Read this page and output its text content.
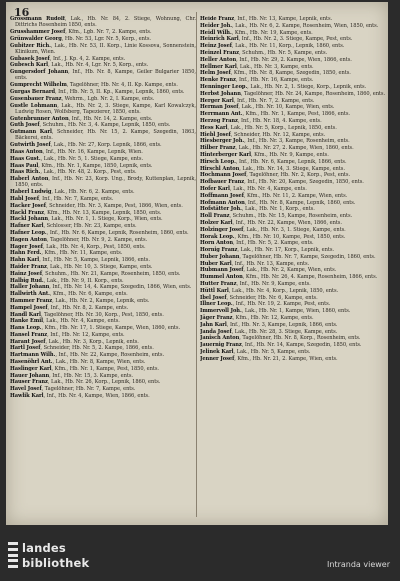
16
Grossmann Rudolf, Lak., Hb. Nr. 84, 2. Stiege, Wohnung, Chr. Dittrichs Rosenheim 1850, ents.
Grusshammer Josef, Kfm., Lgb. Nr. 7, 2. Kampe, ents.
Grünwalder Georg, Hb. Nr. 53, Lgr. Nr. 5, Kerp., ents.
Gubitzer Rich., Lak., Hb. Nr. 53, II. Korp., Linie Kossova, Sonnenstein, Klinikum, Wien.
Gubasek Josef, Inf., J. Kp. 4, 2. Kampe, ents.
Gubesch Karl, Lak., Hb. Nr. 4, Lgr. Nr. 5, Korp., ents.
Gungersdorf Johann, Inf., Hb. Nr. 8, Kampe, Geiler Bulgarier 1850, ents.
Gumprecht Wilhelm, Tagelöhner, Hb. Nr. 4, II. Kp. Kampe, ents.
Gurgas Bernard, Inf., Hb. Nr. 5, II. Kp., Kampe, Lepnik, 1860, ents.
Gusenbauer Franz, Wehrm., Lgb. Nr. 2, I. Kampe, ents.
Gustle Lohmann, Lak., Hb. Nr. 2, 3. Stiege, Kampe, Karl Kowalczyk, Ludwig Rosen, Wolfsberg, Tapezierer, 1850, ents.
Gutenbrunner Anton, Inf., Hb. Nr. 14, 2. Kampe, ents.
Guth Josef, Schuhm., Hb. Nr. 3, 4. Kampe, Lepnik, 1850, ents.
Gutmann Karl, Schneider, Hb. Nr. 15, 2. Kampe, Szegedin, 1863, Bäckerei, ents.
Gutwirth Josef, Lak., Hb. Nr. 27, Korp. Lepnik, 1866, ents.
Haas Anton, Inf., Hb. Nr. 16, Kampe, Lepnik, Wien.
Haas Gust., Lak., Hb. Nr. 5, 1. Stiege, Kampe, ents.
Haas Paul, Kfm., Hb. Nr. 1, Kampe, 1850, Lepnik, ents.
Haas Rich., Lak., Hb. Nr. 48, 2. Korp., Pest, ents.
Haberl Anton, Inf., Hb. Nr. 23, Korp. Ung., Brody, Kuttenplan, Lepnik, 1850, ents.
Haberl Ludwig, Lak., Hb. Nr. 6, 2. Kampe, ents.
Habl Josef, Inf., Hb. Nr. 7, Kampe, ents.
Hacker Josef, Schneider, Hb. Nr. 3, Kampe, Pest, 1866, Wien, ents.
Hackl Franz, Kfm., Hb. Nr. 13, Kampe, Lepnik, 1850, ents.
Hackl Johann, Lak., Hb. Nr. 1, 1. Stiege, Korp., Wien, ents.
Hafner Karl, Schlosser, Hb. Nr. 23, Kampe, ents.
Hafner Leop., Inf., Hb. Nr. 6, Kampe, Lepnik, Rosenheim, 1860, ents.
Hagen Anton, Tagelöhner, Hb. Nr. 9, 2. Kampe, ents.
Hager Josef, Lak., Hb. Nr. 4, Korp., Pest, 1850, ents.
Hahn Ferd., Kfm., Hb. Nr. 11, Kampe, ents.
Hahn Karl, Inf., Hb. Nr. 5, Kampe, Lepnik, 1866, ents.
Haider Franz, Lak., Hb. Nr. 10, 3. Stiege, Kampe, ents.
Hainz Josef, Schuhm., Hb. Nr. 21, Kampe, Rosenheim, 1850, ents.
Halbig Rud., Lak., Hb. Nr. 9, II. Korp., ents.
Haller Johann, Inf., Hb. Nr. 14, 4. Kampe, Szegedin, 1866, Wien, ents.
Hallwirth Ant., Kfm., Hb. Nr. 6, Kampe, ents.
Hammer Franz, Lak., Hb. Nr. 2, Kampe, Lepnik, ents.
Hampel Josef, Inf., Hb. Nr. 8, 2. Kampe, ents.
Handl Karl, Tagelöhner, Hb. Nr. 30, Korp., Pest, 1850, ents.
Hanke Emil, Lak., Hb. Nr. 4, Kampe, ents.
Hans Leop., Kfm., Hb. Nr. 17, 1. Stiege, Kampe, Wien, 1860, ents.
Hansel Franz, Inf., Hb. Nr. 12, Kampe, ents.
Harant Josef, Lak., Hb. Nr. 3, Korp., Lepnik, ents.
Hartl Josef, Schneider, Hb. Nr. 5, 2. Kampe, 1866, ents.
Hartmann Wilh., Inf., Hb. Nr. 22, Kampe, Rosenheim, ents.
Hasenöhrl Ant., Lak., Hb. Nr. 8, Kampe, Wien, ents.
Haslinger Karl, Kfm., Hb. Nr. 1, Kampe, Pest, 1850, ents.
Hauer Johann, Inf., Hb. Nr. 15, 3. Kampe, ents.
Hauser Franz, Lak., Hb. Nr. 26, Korp., Lepnik, 1860, ents.
Havel Josef, Tagelöhner, Hb. Nr. 7, Kampe, ents.
Hawlik Karl, Inf., Hb. Nr. 4, Kampe, Wien, 1866, ents.
Heide Franz, Inf., Hb. Nr. 13, Kampe, Lepnik, ents.
Heider Joh., Lak., Hb. Nr. 6, 2. Kampe, Rosenheim, Wien, 1850, ents.
Heidl Wilh., Kfm., Hb. Nr. 19, Kampe, ents.
Heinrich Karl, Inf., Hb. Nr. 2, 3. Stiege, Kampe, Pest, ents.
Heinz Josef, Lak., Hb. Nr. 11, Korp., Lepnik, 1860, ents.
Heinzel Franz, Schuhm., Hb. Nr. 5, Kampe, ents.
Heller Anton, Inf., Hb. Nr. 29, 2. Kampe, Wien, 1866, ents.
Hellmer Karl, Lak., Hb. Nr. 3, Kampe, ents.
Helm Josef, Kfm., Hb. Nr. 8, Kampe, Szegedin, 1850, ents.
Henke Franz, Inf., Hb. Nr. 16, Kampe, ents.
Henninger Leop., Lak., Hb. Nr. 2, 1. Stiege, Korp., Lepnik, ents.
Herbst Johann, Tagelöhner, Hb. Nr. 24, Kampe, Rosenheim, 1860, ents.
Herger Karl, Inf., Hb. Nr. 7, 2. Kampe, ents.
Herman Josef, Lak., Hb. Nr. 10, Kampe, Wien, ents.
Herrmann Ant., Kfm., Hb. Nr. 1, Kampe, Pest, 1866, ents.
Herzog Franz, Inf., Hb. Nr. 18, 4. Kampe, ents.
Hess Karl, Lak., Hb. Nr. 5, Korp., Lepnik, 1850, ents.
Hiebl Josef, Schneider, Hb. Nr. 12, Kampe, ents.
Hiesberger Joh., Inf., Hb. Nr. 3, Kampe, Rosenheim, ents.
Hilber Franz, Lak., Hb. Nr. 27, 2. Kampe, Wien, 1860, ents.
Hinterberger Karl, Kfm., Hb. Nr. 9, Kampe, ents.
Hirsch Leop., Inf., Hb. Nr. 6, Kampe, Lepnik, 1866, ents.
Hirschl Anton, Lak., Hb. Nr. 14, 3. Stiege, Kampe, ents.
Hochmann Josef, Tagelöhner, Hb. Nr. 2, Korp., Pest, ents.
Hofbauer Franz, Inf., Hb. Nr. 20, Kampe, Szegedin, 1850, ents.
Hofer Karl, Lak., Hb. Nr. 4, Kampe, ents.
Hoffmann Josef, Kfm., Hb. Nr. 11, 2. Kampe, Wien, ents.
Hofmann Anton, Inf., Hb. Nr. 8, Kampe, Lepnik, 1860, ents.
Hofstätter Joh., Lak., Hb. Nr. 1, Korp., ents.
Holl Franz, Schuhm., Hb. Nr. 15, Kampe, Rosenheim, ents.
Holzer Karl, Inf., Hb. Nr. 22, Kampe, Wien, 1866, ents.
Holzinger Josef, Lak., Hb. Nr. 3, 1. Stiege, Kampe, ents.
Horak Leop., Kfm., Hb. Nr. 10, Kampe, Pest, 1850, ents.
Horn Anton, Inf., Hb. Nr. 5, 2. Kampe, ents.
Hornig Franz, Lak., Hb. Nr. 17, Korp., Lepnik, ents.
Huber Johann, Tagelöhner, Hb. Nr. 7, Kampe, Szegedin, 1860, ents.
Huber Karl, Inf., Hb. Nr. 13, Kampe, ents.
Hubmann Josef, Lak., Hb. Nr. 2, Kampe, Wien, ents.
Hummel Anton, Kfm., Hb. Nr. 26, 4. Kampe, Rosenheim, 1866, ents.
Hutter Franz, Inf., Hb. Nr. 9, Kampe, ents.
Hüttl Karl, Lak., Hb. Nr. 4, Korp., Lepnik, 1850, ents.
Ibel Josef, Schneider, Hb. Nr. 6, Kampe, ents.
Illner Leop., Inf., Hb. Nr. 19, 2. Kampe, Pest, ents.
Immervoll Joh., Lak., Hb. Nr. 1, Kampe, Wien, 1860, ents.
Jäger Franz, Kfm., Hb. Nr. 12, Kampe, ents.
Jahn Karl, Inf., Hb. Nr. 3, Kampe, Lepnik, 1866, ents.
Janda Josef, Lak., Hb. Nr. 28, 3. Stiege, Kampe, ents.
Janisch Anton, Tagelöhner, Hb. Nr. 8, Korp., Rosenheim, ents.
Jauernig Franz, Inf., Hb. Nr. 14, Kampe, Szegedin, 1850, ents.
Jelinek Karl, Lak., Hb. Nr. 5, Kampe, ents.
Jenner Josef, Kfm., Hb. Nr. 21, 2. Kampe, Wien, ents.
landes
bibliothek	Intranda viewer
